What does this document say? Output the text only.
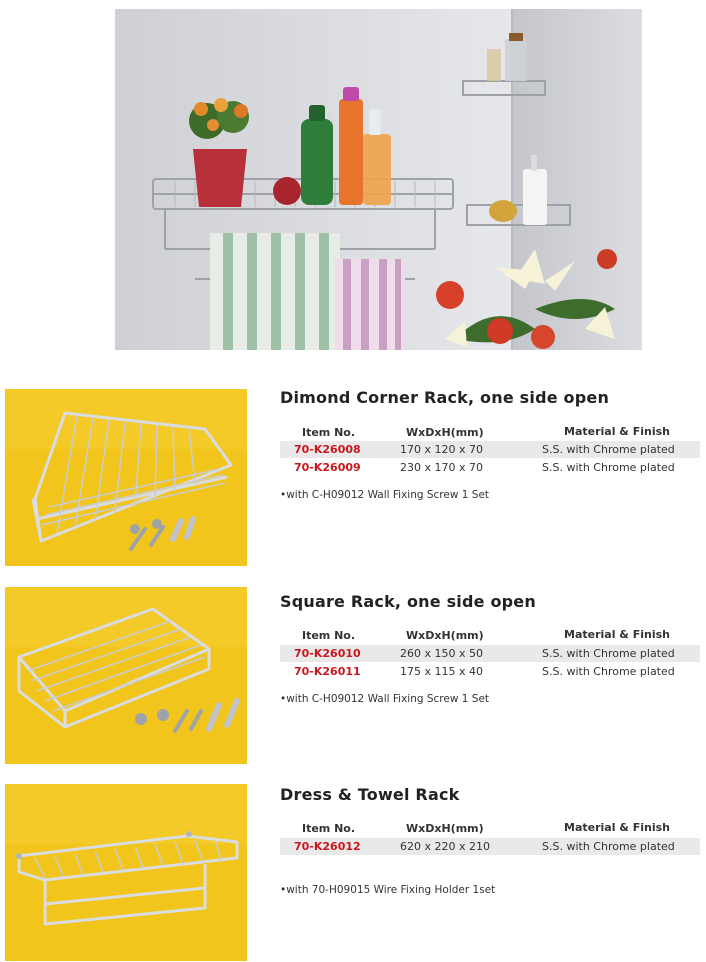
Dimond Corner Rack, one side open
Item No.	WxDxH(mm)	Material & Finish
70-K26008	170 x 120 x 70	S.S. with Chrome plated
70-K26009	230 x 170 x 70	S.S. with Chrome plated
•with C-H09012 Wall Fixing Screw 1 Set
Square Rack, one side open
Item No.	WxDxH(mm)	Material & Finish
70-K26010	260 x 150 x 50	S.S. with Chrome plated
70-K26011	175 x 115 x 40	S.S. with Chrome plated
•with C-H09012 Wall Fixing Screw 1 Set
Dress & Towel Rack
Item No.	WxDxH(mm)	Material & Finish
70-K26012	620 x 220 x 210	S.S. with Chrome plated
•with 70-H09015 Wire Fixing Holder 1set
